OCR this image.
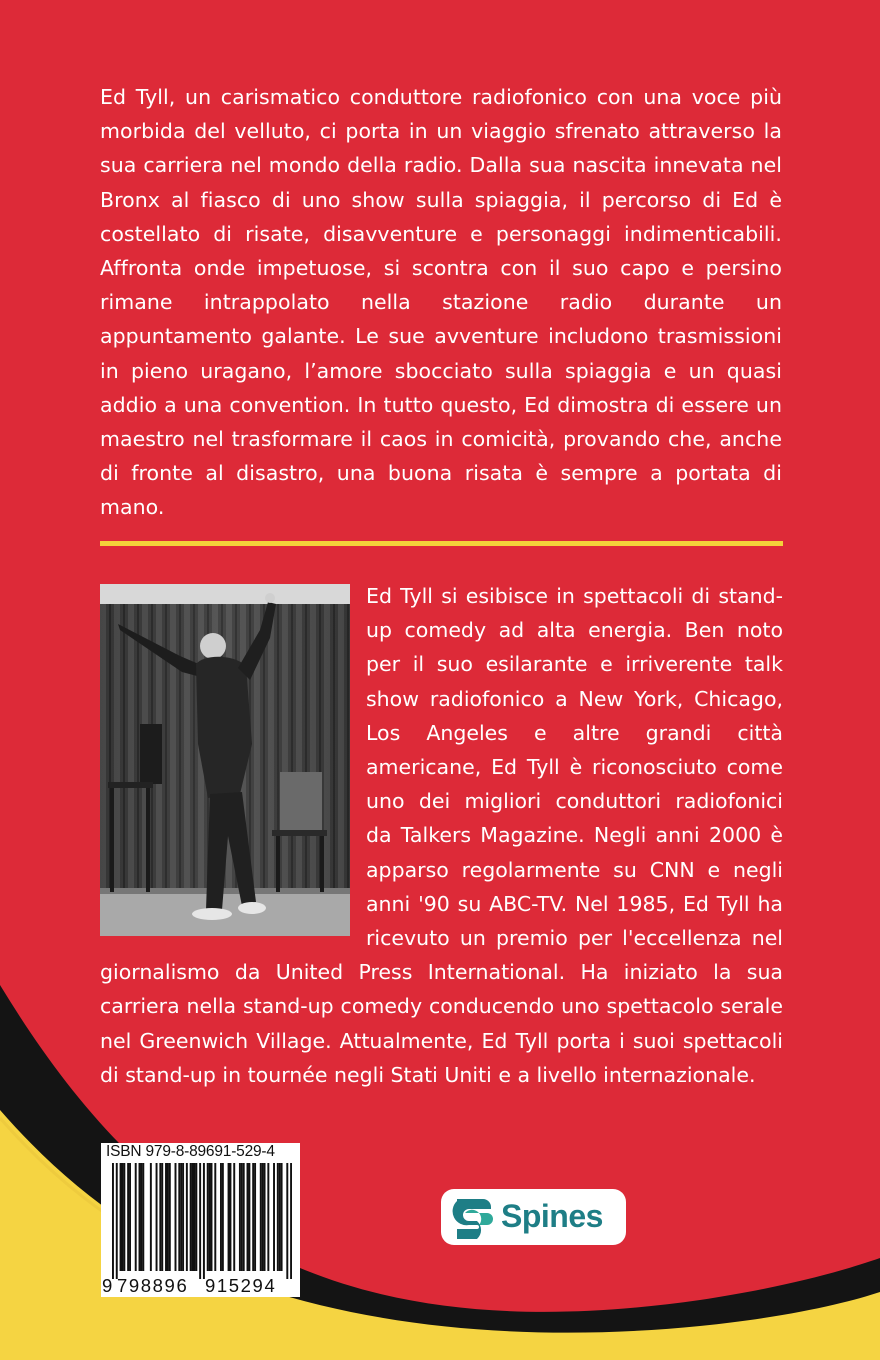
Ed Tyll, un carismatico conduttore radiofonico con una voce più morbida del velluto, ci porta in un viaggio sfrenato attraverso la sua carriera nel mondo della radio. Dalla sua nascita innevata nel Bronx al fiasco di uno show sulla spiaggia, il percorso di Ed è costellato di risate, disavventure e personaggi indimenticabili. Affronta onde impetuose, si scontra con il suo capo e persino rimane intrappolato nella stazione radio durante un appuntamento galante. Le sue avventure includono trasmissioni in pieno uragano, l’amore sbocciato sulla spiaggia e un quasi addio a una convention. In tutto questo, Ed dimostra di essere un maestro nel trasformare il caos in comicità, provando che, anche di fronte al disastro, una buona risata è sempre a portata di mano.
Ed Tyll si esibisce in spettacoli di stand-up comedy ad alta energia. Ben noto per il suo esilarante e irriverente talk show radiofonico a New York, Chicago, Los Angeles e altre grandi città americane, Ed Tyll è riconosciuto come uno dei migliori conduttori radiofonici da Talkers Magazine. Negli anni 2000 è apparso regolarmente su CNN e negli anni '90 su ABC-TV. Nel 1985, Ed Tyll ha ricevuto un premio per l'eccellenza nel giornalismo da United Press International. Ha iniziato la sua carriera nella stand-up comedy conducendo uno spettacolo serale nel Greenwich Village. Attualmente, Ed Tyll porta i suoi spettacoli di stand-up in tournée negli Stati Uniti e a livello internazionale.
ISBN 979-8-89691-529-4
9 798896 915294
Spines
